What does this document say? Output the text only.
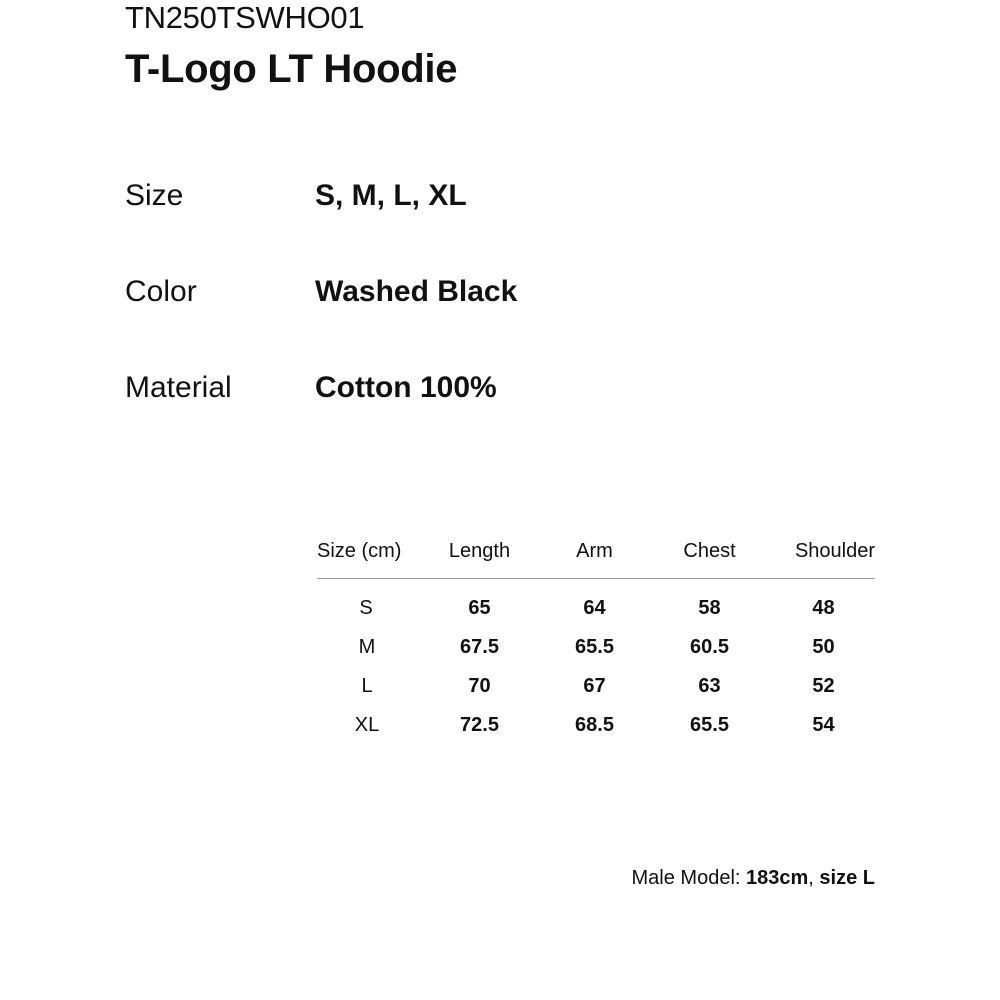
TN250TSWHO01
T-Logo LT Hoodie
Size	S, M, L, XL
Color	Washed Black
Material	Cotton 100%
Size (cm)	Length	Arm	Chest	Shoulder
S	65	64	58	48
M	67.5	65.5	60.5	50
L	70	67	63	52
XL	72.5	68.5	65.5	54
Male Model: 183cm, size L
